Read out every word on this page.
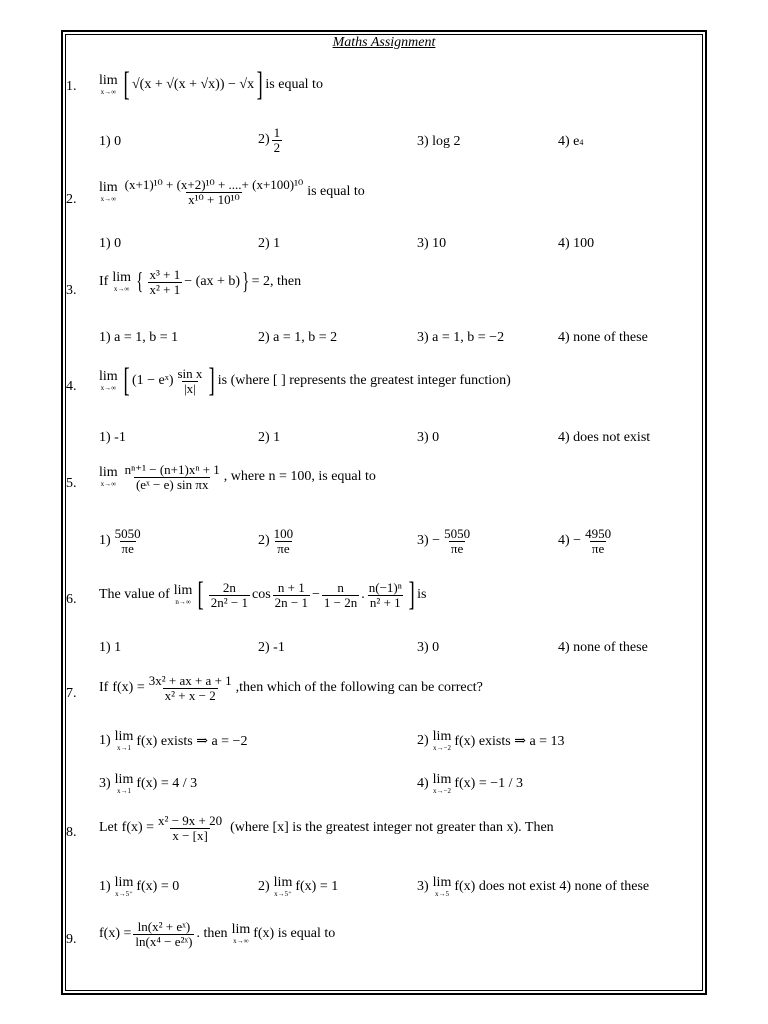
Maths Assignment
1. lim
x→∞ [ √(x + √(x + √x)) − √x ] is equal to
1) 0	$2) \frac{1}{2}$	3) log 2	4) e 4
2.
lim
$x\to\infty \frac{\text{(x+1)¹⁰ + (x+2)¹⁰ + ....+ (x+100)¹⁰}}{\text{x¹⁰ + 10¹⁰}}$ is equal to
1) 0	2) 1	3) 10	4) 100
3.
If lim
x→∞ { $\frac{\text{x³ + 1}}{\text{x² + 1}} - (ax + b)$ } = 2, then
1) a = 1, b = 1	2) a = 1, b = 2	3) a = 1, b = −2	4) none of these
4.
lim
x→∞ [ (1 − eˣ) $\frac{\text{sin x}}{|x|}$ ] is (where [ ] represents the greatest integer function)
1) -1	2) 1	3) 0	4) does not exist
5.
lim
$x\to\infty \frac{\text{nⁿ⁺¹ − (n+1)xⁿ + 1}}{\text{(eˣ − e) sin πx}}$ , where n = 100, is equal to
$1) \frac{5050}{\pi e}$	$2) \frac{100}{\pi e}$	$3) - \frac{5050}{\pi e}$	$4) - \frac{4950}{\pi e}$
6. The value of lim
n→∞ [ $\frac{2n}{\text{2n² − 1}}$ $\cos \frac{n + 1}{2n - 1} - \frac{n}{1 - 2n}$ . $\frac{\text{n(−1)ⁿ}}{\text{n² + 1}}$ ] is
1) 1	2) -1	3) 0	4) none of these
7. If $f(x) = \frac{\text{3x² + ax + a + 1}}{\text{x² + x − 2}}$ ,then which of the following can be correct?
1) lim
x→1 f(x) exists ⇒ a = −2	2) lim
x→−2 f(x) exists ⇒ a = 13
3) lim
x→1 f(x) = 4 / 3	4) lim
x→−2 f(x) = −1 / 3
8. Let $f(x) = \frac{\text{x² − 9x + 20}}{x - [x]}$ (where [x] is the greatest integer not greater than x). Then
1) lim
x→5⁺ f(x) = 0	2) lim
x→5⁺ f(x) = 1	3) lim
x→5 f(x) does not exist 4) none of these
9. $f(x) = \frac{\text{ln(x² + eˣ)}}{\text{ln(x⁴ − e²ˣ)}}$ . then lim
x→∞ f(x) is equal to
